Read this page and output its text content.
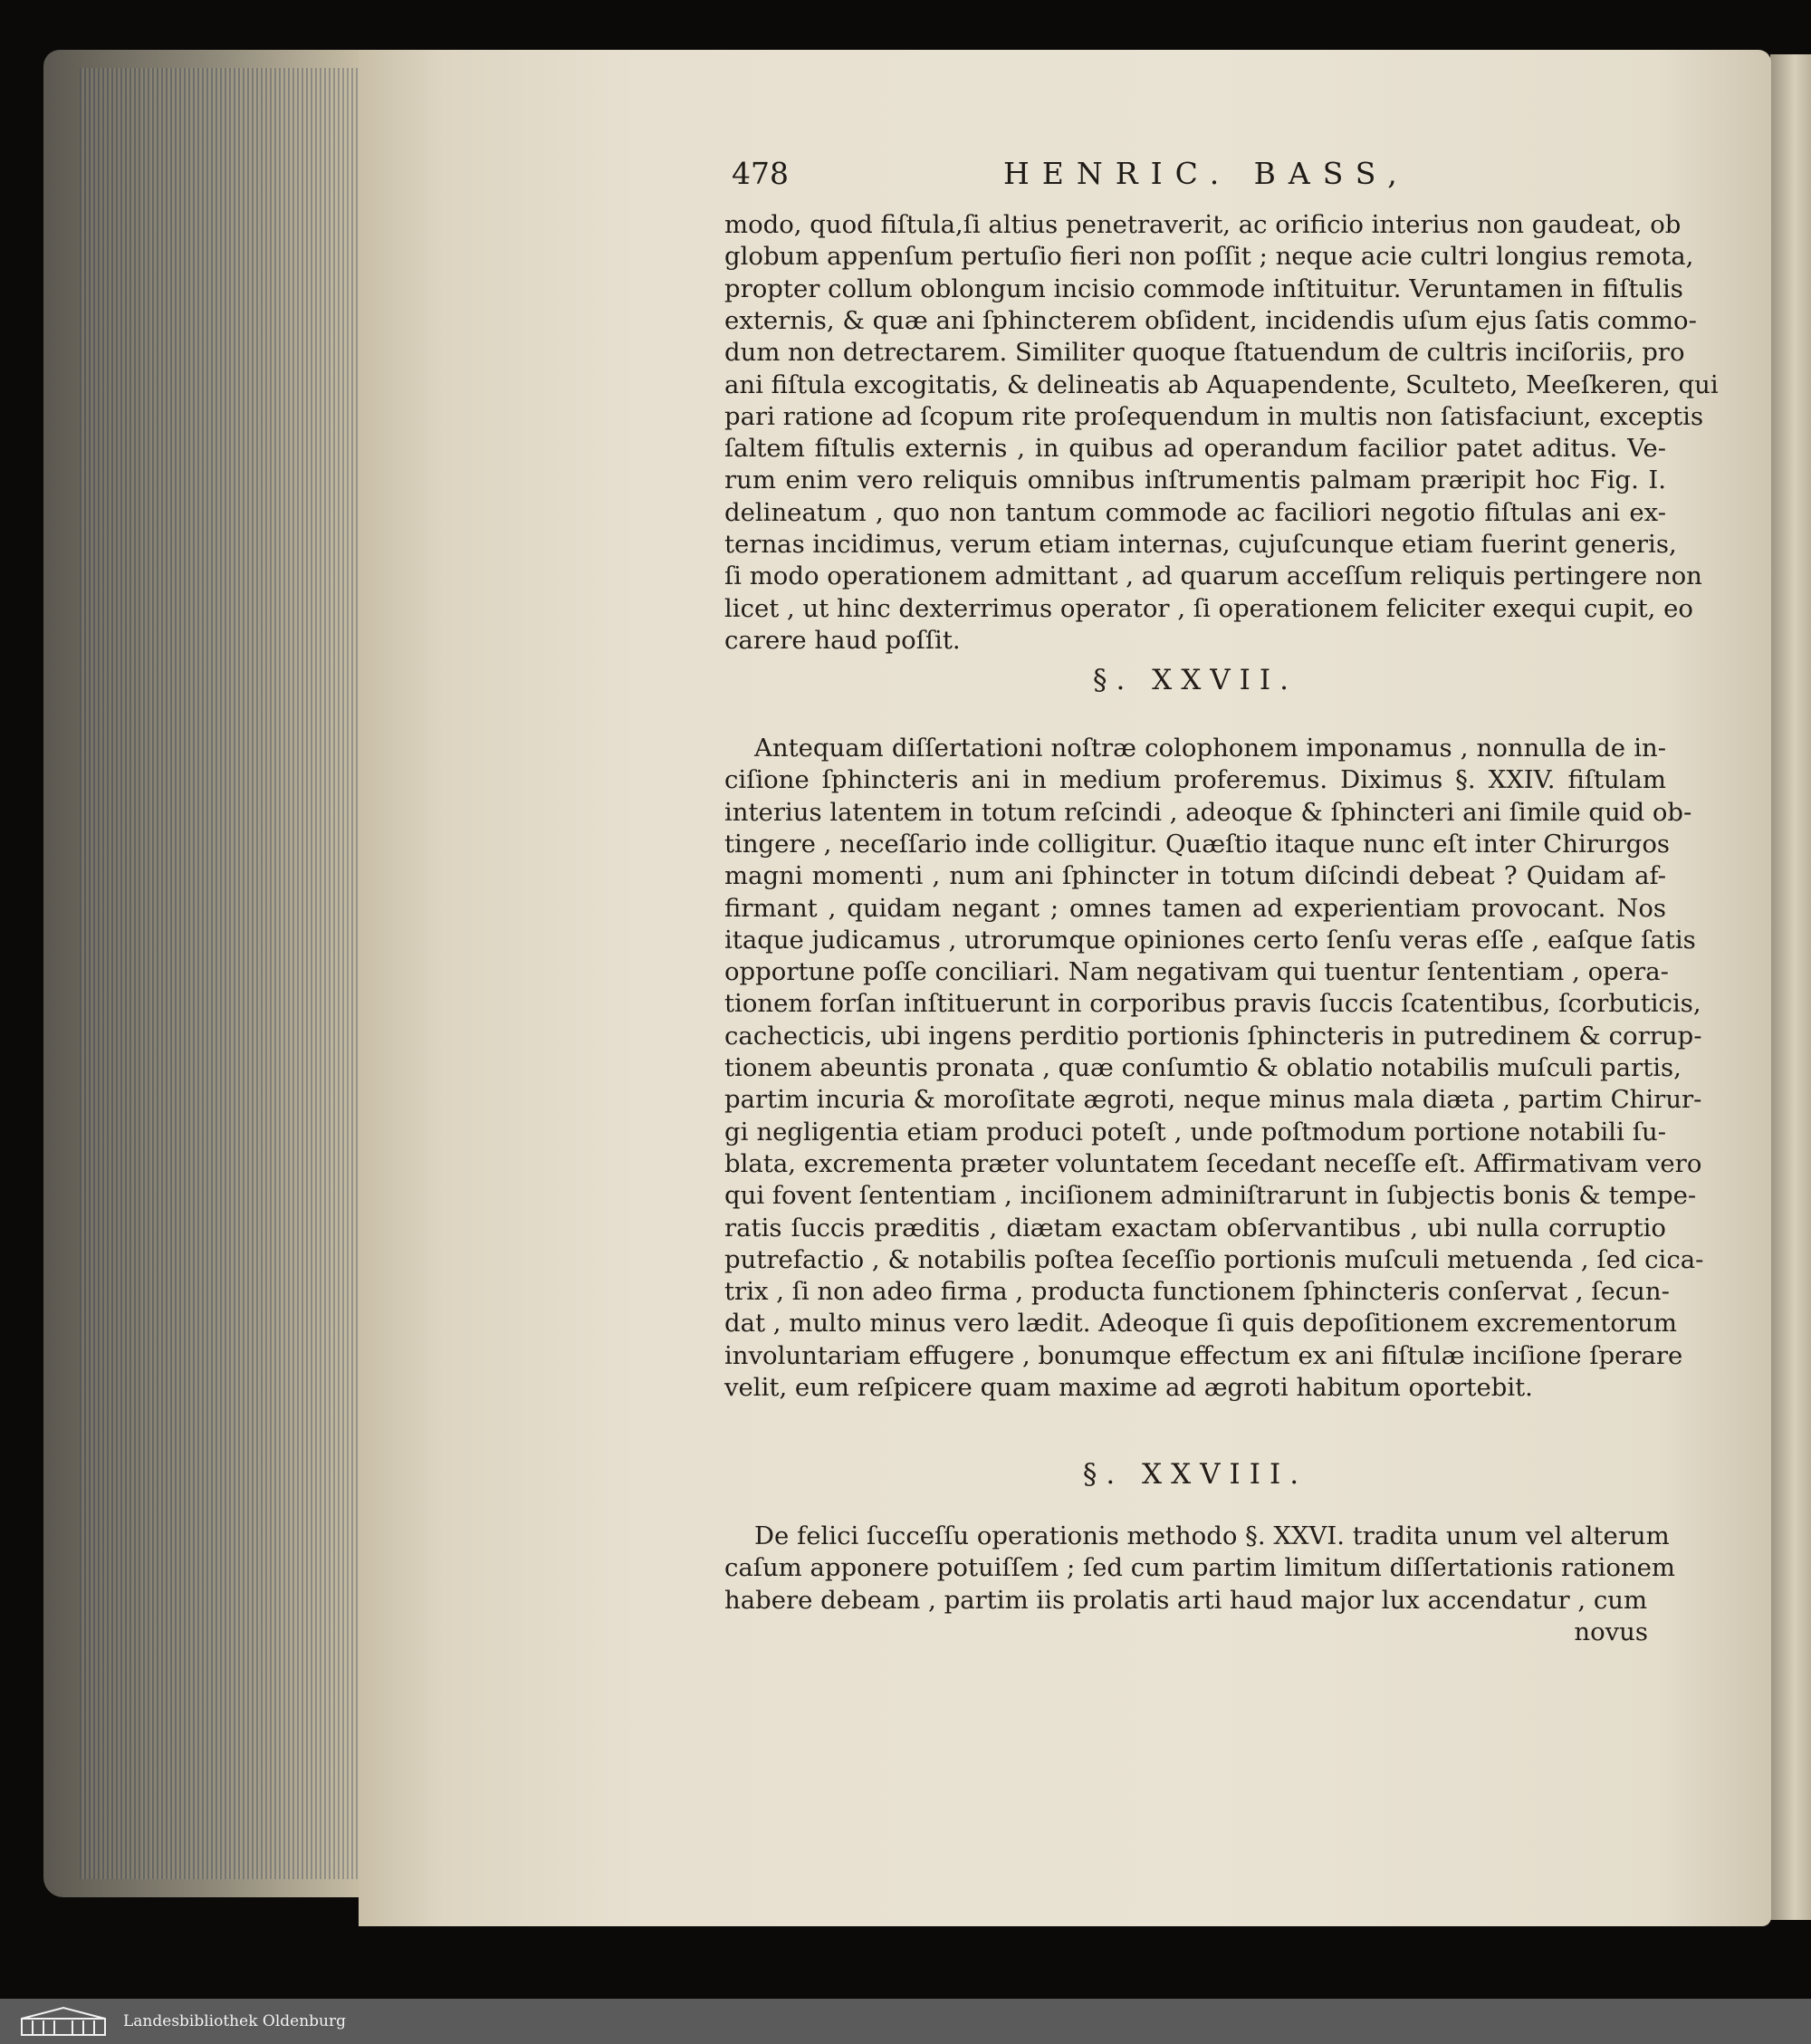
478	HENRIC. BASS,
modo, quod fiſtula,ſi altius penetraverit, ac orificio interius non gaudeat, ob
globum appenſum pertuſio fieri non poſſit ; neque acie cultri longius remota,
propter collum oblongum incisio commode inſtituitur. Veruntamen in fiſtulis
externis, & quæ ani ſphincterem obſident, incidendis uſum ejus ſatis commo-
dum non detrectarem. Similiter quoque ſtatuendum de cultris inciſoriis, pro
ani fiſtula excogitatis, & delineatis ab Aquapendente, Sculteto, Meeſkeren, qui
pari ratione ad ſcopum rite proſequendum in multis non ſatisfaciunt, exceptis
ſaltem fiſtulis externis , in quibus ad operandum facilior patet aditus. Ve-
rum enim vero reliquis omnibus inſtrumentis palmam præripit hoc Fig. I.
delineatum , quo non tantum commode ac faciliori negotio fiſtulas ani ex-
ternas incidimus, verum etiam internas, cujuſcunque etiam fuerint generis,
ſi modo operationem admittant , ad quarum acceſſum reliquis pertingere non
licet , ut hinc dexterrimus operator , ſi operationem feliciter exequi cupit, eo
carere haud poſſit.
§. XXVII.
Antequam diſſertationi noſtræ colophonem imponamus , nonnulla de in-
ciſione ſphincteris ani in medium proferemus. Diximus §. XXIV. fiſtulam
interius latentem in totum reſcindi , adeoque & ſphincteri ani ſimile quid ob-
tingere , neceſſario inde colligitur. Quæſtio itaque nunc eſt inter Chirurgos
magni momenti , num ani ſphincter in totum diſcindi debeat ? Quidam af-
firmant , quidam negant ; omnes tamen ad experientiam provocant. Nos
itaque judicamus , utrorumque opiniones certo ſenſu veras eſſe , eaſque ſatis
opportune poſſe conciliari. Nam negativam qui tuentur ſententiam , opera-
tionem forſan inſtituerunt in corporibus pravis ſuccis ſcatentibus, ſcorbuticis,
cachecticis, ubi ingens perditio portionis ſphincteris in putredinem & corrup-
tionem abeuntis pronata , quæ conſumtio & oblatio notabilis muſculi partis,
partim incuria & moroſitate ægroti, neque minus mala diæta , partim Chirur-
gi negligentia etiam produci poteſt , unde poſtmodum portione notabili ſu-
blata, excrementa præter voluntatem ſecedant neceſſe eſt. Affirmativam vero
qui fovent ſententiam , inciſionem adminiſtrarunt in ſubjectis bonis & tempe-
ratis ſuccis præditis , diætam exactam obſervantibus , ubi nulla corruptio
putrefactio , & notabilis poſtea ſeceſſio portionis muſculi metuenda , ſed cica-
trix , ſi non adeo firma , producta functionem ſphincteris conſervat , ſecun-
dat , multo minus vero lædit. Adeoque ſi quis depoſitionem excrementorum
involuntariam effugere , bonumque effectum ex ani fiſtulæ inciſione ſperare
velit, eum reſpicere quam maxime ad ægroti habitum oportebit.
§. XXVIII.
De felici ſucceſſu operationis methodo §. XXVI. tradita unum vel alterum
caſum apponere potuiſſem ; ſed cum partim limitum diſſertationis rationem
habere debeam , partim iis prolatis arti haud major lux accendatur , cum
novus
Landesbibliothek Oldenburg
